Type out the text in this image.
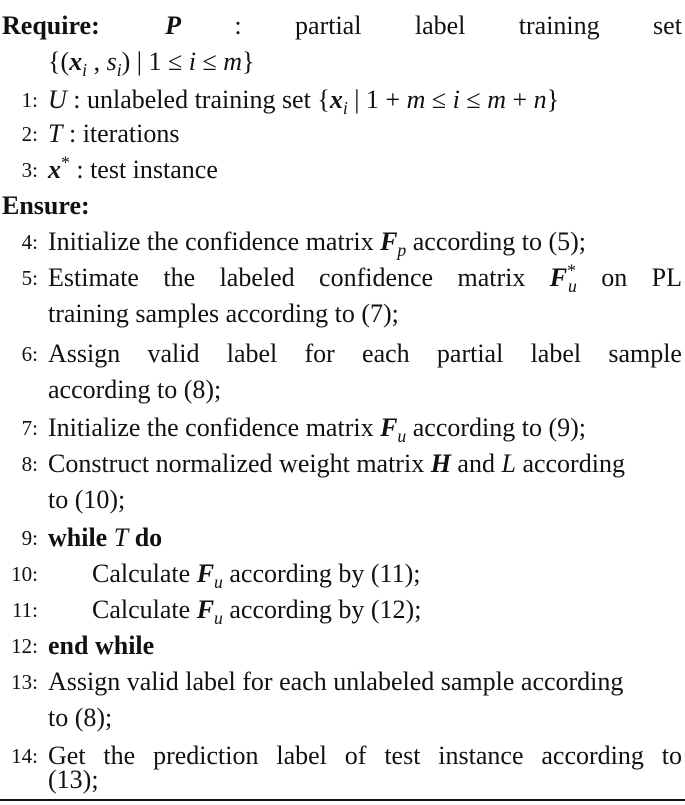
Require:	P : partial label training set
{($x_i$ , $s_i$) | 1 ≤ i ≤ m}
1: U : unlabeled training set {$x_i$ | 1 + m ≤ i ≤ m + n}
2: T : iterations
3: x* : test instance
Ensure:
4: Initialize the confidence matrix $F_p$ according to (5);
5: Estimate the labeled confidence matrix $F^*_u$ on PL
training samples according to (7);
6: Assign valid label for each partial label sample
according to (8);
7: Initialize the confidence matrix $F_u$ according to (9);
8: Construct normalized weight matrix H and L according
to (10);
9: while T do
10: Calculate $F_u$ according by (11);
11: Calculate $F_u$ according by (12);
12: end while
13: Assign valid label for each unlabeled sample according
to (8);
14: Get the prediction label of test instance according to
(13);
